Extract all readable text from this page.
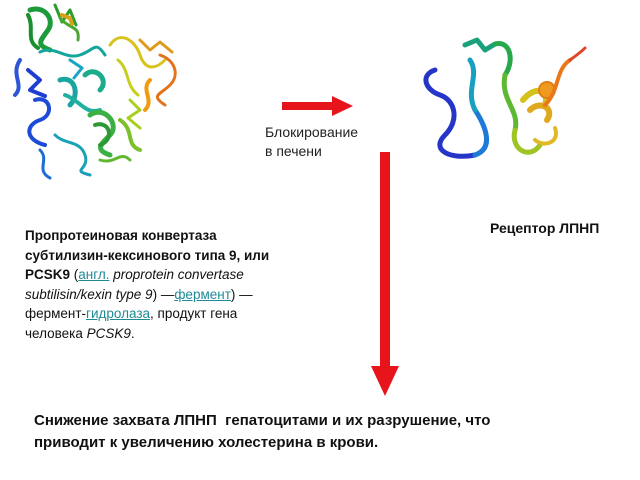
Блокирование
в печени
Рецептор ЛПНП
Пропротеиновая конвертаза
субтилизин-кексинового типа 9, или
PCSK9 (англ. proprotein convertase
subtilisin/kexin type 9) —фермент) —
фермент-гидролаза, продукт гена
человека PCSK9.
Снижение захвата ЛПНП  гепатоцитами и их разрушение, что
приводит к увеличению холестерина в крови.
